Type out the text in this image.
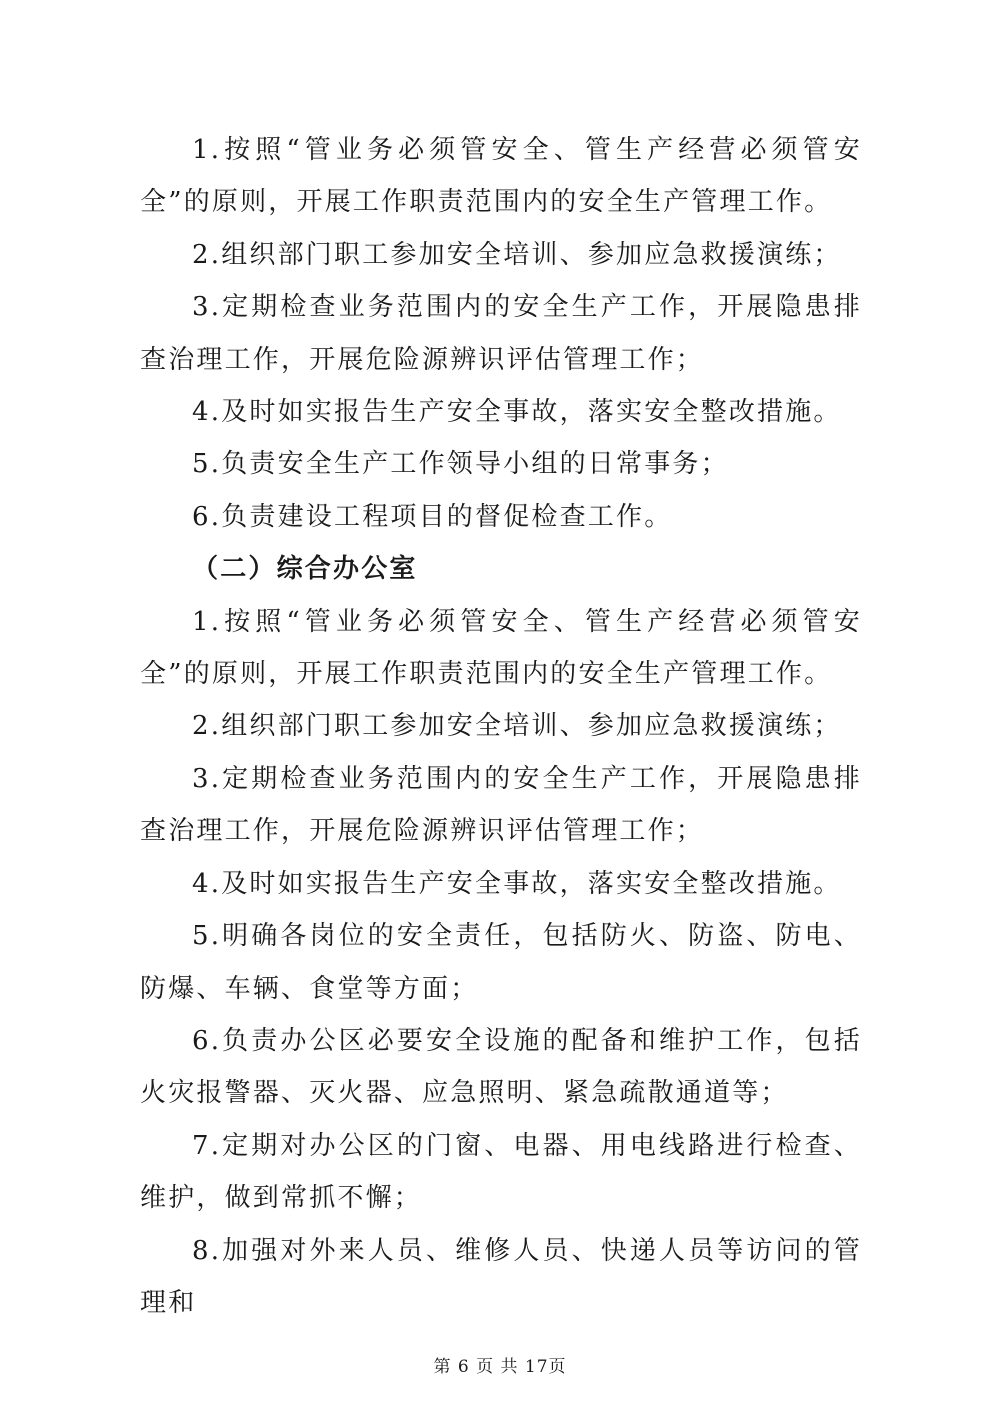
1.按照“管业务必须管安全、管生产经营必须管安全”的原则，开展工作职责范围内的安全生产管理工作。

2.组织部门职工参加安全培训、参加应急救援演练；

3.定期检查业务范围内的安全生产工作，开展隐患排查治理工作，开展危险源辨识评估管理工作；

4.及时如实报告生产安全事故，落实安全整改措施。

5.负责安全生产工作领导小组的日常事务；

6.负责建设工程项目的督促检查工作。

（二）综合办公室

1.按照“管业务必须管安全、管生产经营必须管安全”的原则，开展工作职责范围内的安全生产管理工作。

2.组织部门职工参加安全培训、参加应急救援演练；

3.定期检查业务范围内的安全生产工作，开展隐患排查治理工作，开展危险源辨识评估管理工作；

4.及时如实报告生产安全事故，落实安全整改措施。

5.明确各岗位的安全责任，包括防火、防盗、防电、防爆、车辆、食堂等方面；

6.负责办公区必要安全设施的配备和维护工作，包括火灾报警器、灭火器、应急照明、紧急疏散通道等；

7.定期对办公区的门窗、电器、用电线路进行检查、维护，做到常抓不懈；

8.加强对外来人员、维修人员、快递人员等访问的管理和

第 6 页 共 17页
